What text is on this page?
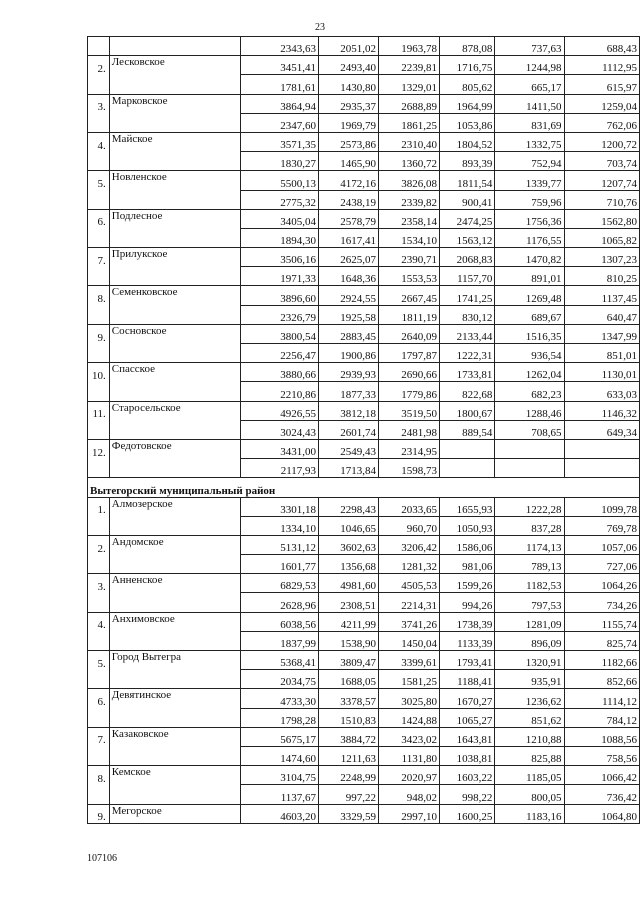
23
		2343,63	2051,02	1963,78	878,08	737,63	688,43
2.	Лесковское	3451,41	2493,40	2239,81	1716,75	1244,98	1112,95
		1781,61	1430,80	1329,01	805,62	665,17	615,97
3.	Марковское	3864,94	2935,37	2688,89	1964,99	1411,50	1259,04
		2347,60	1969,79	1861,25	1053,86	831,69	762,06
4.	Майское	3571,35	2573,86	2310,40	1804,52	1332,75	1200,72
		1830,27	1465,90	1360,72	893,39	752,94	703,74
5.	Новленское	5500,13	4172,16	3826,08	1811,54	1339,77	1207,74
		2775,32	2438,19	2339,82	900,41	759,96	710,76
6.	Подлесное	3405,04	2578,79	2358,14	2474,25	1756,36	1562,80
		1894,30	1617,41	1534,10	1563,12	1176,55	1065,82
7.	Прилукское	3506,16	2625,07	2390,71	2068,83	1470,82	1307,23
		1971,33	1648,36	1553,53	1157,70	891,01	810,25
8.	Семенковское	3896,60	2924,55	2667,45	1741,25	1269,48	1137,45
		2326,79	1925,58	1811,19	830,12	689,67	640,47
9.	Сосновское	3800,54	2883,45	2640,09	2133,44	1516,35	1347,99
		2256,47	1900,86	1797,87	1222,31	936,54	851,01
10.	Спасское	3880,66	2939,93	2690,66	1733,81	1262,04	1130,01
		2210,86	1877,33	1779,86	822,68	682,23	633,03
11.	Старосельское	4926,55	3812,18	3519,50	1800,67	1288,46	1146,32
		3024,43	2601,74	2481,98	889,54	708,65	649,34
12.	Федотовское	3431,00	2549,43	2314,95			
		2117,93	1713,84	1598,73			
Вытегорский муниципальный район							
1.	Алмозерское	3301,18	2298,43	2033,65	1655,93	1222,28	1099,78
		1334,10	1046,65	960,70	1050,93	837,28	769,78
2.	Андомское	5131,12	3602,63	3206,42	1586,06	1174,13	1057,06
		1601,77	1356,68	1281,32	981,06	789,13	727,06
3.	Анненское	6829,53	4981,60	4505,53	1599,26	1182,53	1064,26
		2628,96	2308,51	2214,31	994,26	797,53	734,26
4.	Анхимовское	6038,56	4211,99	3741,26	1738,39	1281,09	1155,74
		1837,99	1538,90	1450,04	1133,39	896,09	825,74
5.	Город Вытегра	5368,41	3809,47	3399,61	1793,41	1320,91	1182,66
		2034,75	1688,05	1581,25	1188,41	935,91	852,66
6.	Девятинское	4733,30	3378,57	3025,80	1670,27	1236,62	1114,12
		1798,28	1510,83	1424,88	1065,27	851,62	784,12
7.	Казаковское	5675,17	3884,72	3423,02	1643,81	1210,88	1088,56
		1474,60	1211,63	1131,80	1038,81	825,88	758,56
8.	Кемское	3104,75	2248,99	2020,97	1603,22	1185,05	1066,42
		1137,67	997,22	948,02	998,22	800,05	736,42
9.	Мегорское	4603,20	3329,59	2997,10	1600,25	1183,16	1064,80
107106
